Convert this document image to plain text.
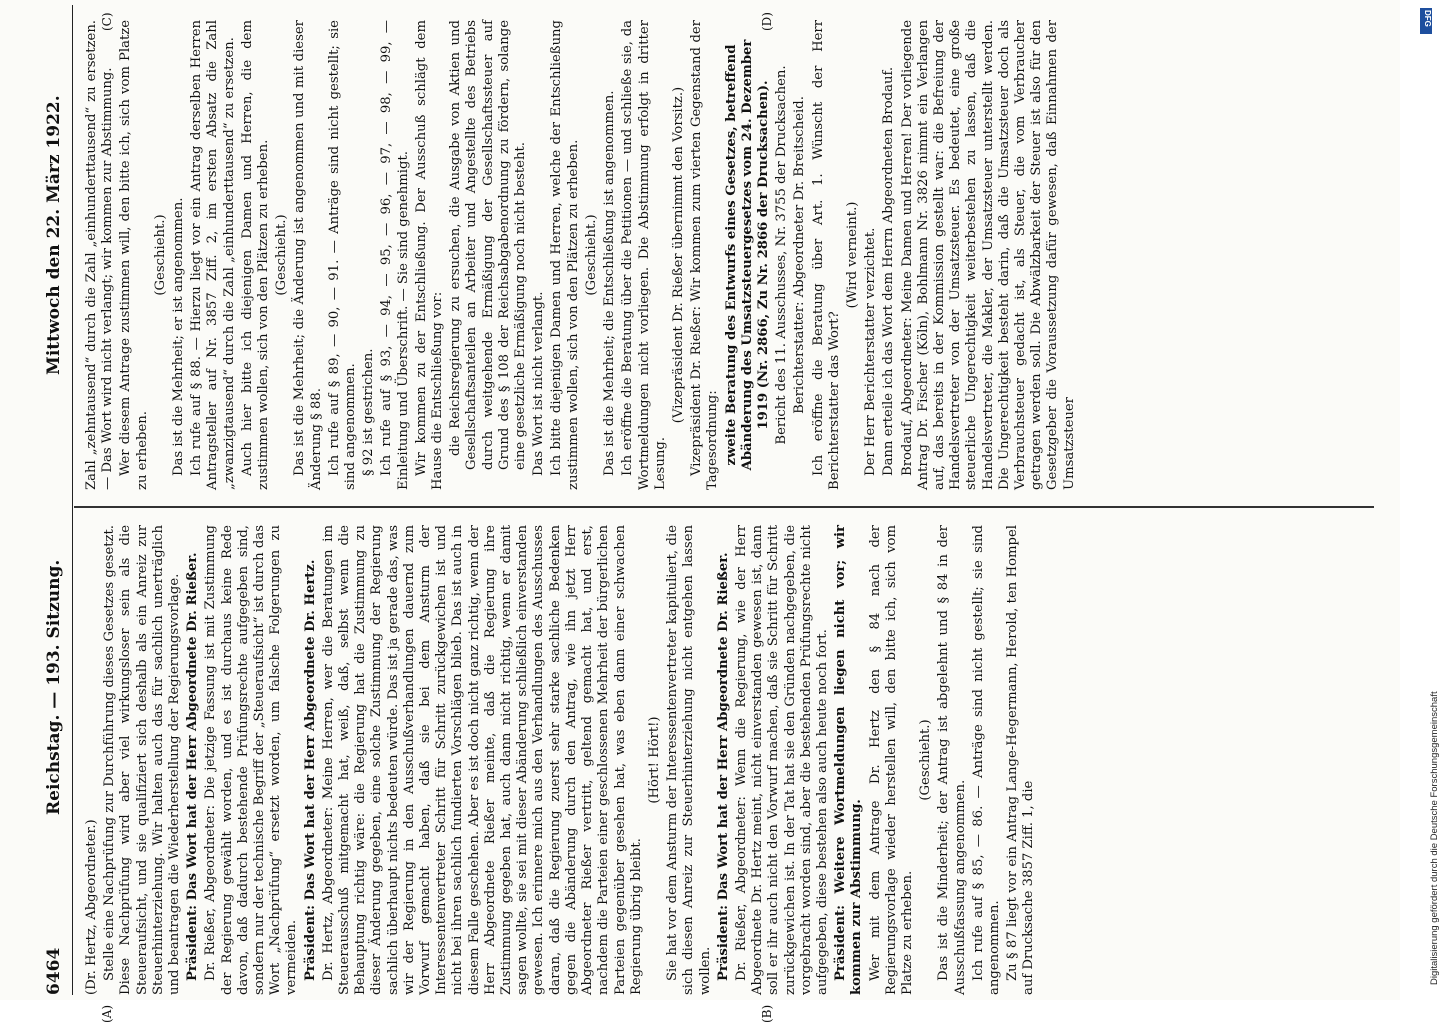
6464
Reichstag. — 193. Sitzung.
Mittwoch den 22. März 1922.
(A)	(B)
(C)	(D)

(Dr. Hertz, Abgeordneter.) Stelle eine Nachprüfung zur Durchführung dieses Gesetzes gesetzt. Diese Nachprüfung wird aber viel wirkungsloser sein als die Steueraufsicht, und sie qualifiziert sich deshalb als ein Anreiz zur Steuerhinterziehung. Wir halten auch das für sachlich unerträglich und beantragen die Wiederherstellung der Regierungsvorlage. Präsident: Das Wort hat der Herr Abgeordnete Dr. Rießer. Dr. Rießer, Abgeordneter: Die jetzige Fassung ist mit Zustimmung der Regierung gewählt worden, und es ist durchaus keine Rede davon, daß dadurch bestehende Prüfungsrechte aufgegeben sind, sondern nur der technische Begriff der „Steueraufsicht“ ist durch das Wort „Nachprüfung“ ersetzt worden, um falsche Folgerungen zu vermeiden. Präsident: Das Wort hat der Herr Abgeordnete Dr. Hertz. Dr. Hertz, Abgeordneter: Meine Herren, wer die Beratungen im Steuerausschuß mitgemacht hat, weiß, daß, selbst wenn die Behauptung richtig wäre: die Regierung hat die Zustimmung zu dieser Änderung gegeben, eine solche Zustimmung der Regierung sachlich überhaupt nichts bedeuten würde. Das ist ja gerade das, was wir der Regierung in den Ausschußverhandlungen dauernd zum Vorwurf gemacht haben, daß sie bei dem Ansturm der Interessentenvertreter Schritt für Schritt zurückgewichen ist und nicht bei ihren sachlich fundierten Vorschlägen blieb. Das ist auch in diesem Falle geschehen. Aber es ist doch nicht ganz richtig, wenn der Herr Abgeordnete Rießer meinte, daß die Regierung ihre Zustimmung gegeben hat, auch dann nicht richtig, wenn er damit sagen wollte, sie sei mit dieser Abänderung schließlich einverstanden gewesen. Ich erinnere mich aus den Verhandlungen des Ausschusses daran, daß die Regierung zuerst sehr starke sachliche Bedenken gegen die Abänderung durch den Antrag, wie ihn jetzt Herr Abgeordneter Rießer vertritt, geltend gemacht hat, und erst, nachdem die Parteien einer geschlossenen Mehrheit der bürgerlichen Parteien gegenüber gesehen hat, was eben dann einer schwachen Regierung übrig bleibt.

(Hört! Hört!) Sie hat vor dem Ansturm der Interessentenvertreter kapituliert, die sich diesen Anreiz zur Steuerhinterziehung nicht entgehen lassen wollen. Präsident: Das Wort hat der Herr Abgeordnete Dr. Rießer. Dr. Rießer, Abgeordneter: Wenn die Regierung, wie der Herr Abgeordnete Dr. Hertz meint, nicht einverstanden gewesen ist, dann soll er ihr auch nicht den Vorwurf machen, daß sie Schritt für Schritt zurückgewichen ist. In der Tat hat sie den Gründen nachgegeben, die vorgebracht worden sind, aber die bestehenden Prüfungsrechte nicht aufgegeben, diese bestehen also auch heute noch fort. Präsident: Weitere Wortmeldungen liegen nicht vor; wir kommen zur Abstimmung. Wer mit dem Antrage Dr. Hertz den § 84 nach der Regierungsvorlage wieder herstellen will, den bitte ich, sich vom Platze zu erheben.

(Geschieht.) Das ist die Minderheit; der Antrag ist abgelehnt und § 84 in der Ausschußfassung angenommen. Ich rufe auf § 85, — 86. — Anträge sind nicht gestellt; sie sind angenommen. Zu § 87 liegt vor ein Antrag Lange-Hegermann, Herold, ten Hompel auf Drucksache 3857 Ziff. 1, die

Zahl „zehntausend“ durch die Zahl „einhunderttausend“ zu ersetzen. — Das Wort wird nicht verlangt; wir kommen zur Abstimmung. Wer diesem Antrage zustimmen will, den bitte ich, sich vom Platze zu erheben.

(Geschieht.) Das ist die Mehrheit; er ist angenommen. Ich rufe auf § 88. — Hierzu liegt vor ein Antrag derselben Herren Antragsteller auf Nr. 3857 Ziff. 2, im ersten Absatz die Zahl „zwanzigtausend“ durch die Zahl „einhunderttausend“ zu ersetzen. Auch hier bitte ich diejenigen Damen und Herren, die dem zustimmen wollen, sich von den Plätzen zu erheben. (Geschieht.) Das ist die Mehrheit; die Änderung ist angenommen und mit dieser Änderung § 88. Ich rufe auf § 89, — 90, — 91. — Anträge sind nicht gestellt; sie sind angenommen. § 92 ist gestrichen. Ich rufe auf § 93, — 94, — 95, — 96, — 97, — 98, — 99, — Einleitung und Überschrift. — Sie sind genehmigt. Wir kommen zu der Entschließung. Der Ausschuß schlägt dem Hause die Entschließung vor: die Reichsregierung zu ersuchen, die Ausgabe von Aktien und Gesellschaftsanteilen an Arbeiter und Angestellte des Betriebs durch weitgehende Ermäßigung der Gesellschaftssteuer auf Grund des § 108 der Reichsabgabenordnung zu fördern, solange eine gesetzliche Ermäßigung noch nicht besteht. Das Wort ist nicht verlangt. Ich bitte diejenigen Damen und Herren, welche der Entschließung zustimmen wollen, sich von den Plätzen zu erheben. (Geschieht.) Das ist die Mehrheit; die Entschließung ist angenommen. Ich eröffne die Beratung über die Petitionen — und schließe sie, da Wortmeldungen nicht vorliegen. Die Abstimmung erfolgt in dritter Lesung.

(Vizepräsident Dr. Rießer übernimmt den Vorsitz.) Vizepräsident Dr. Rießer: Wir kommen zum vierten Gegenstand der Tagesordnung: zweite Beratung des Entwurfs eines Gesetzes, betreffend Abänderung des Umsatzsteuergesetzes vom 24. Dezember 1919 (Nr. 2866, Zu Nr. 2866 der Drucksachen). Bericht des 11. Ausschusses, Nr. 3755 der Drucksachen. Berichterstatter: Abgeordneter Dr. Breitscheid. Ich eröffne die Beratung über Art. 1. Wünscht der Herr Berichterstatter das Wort?

(Wird verneint.) Der Herr Berichterstatter verzichtet. Dann erteile ich das Wort dem Herrn Abgeordneten Brodauf. Brodauf, Abgeordneter: Meine Damen und Herren! Der vorliegende Antrag Dr. Fischer (Köln), Bohlmann Nr. 3826 nimmt ein Verlangen auf, das bereits in der Kommission gestellt war: die Befreiung der Handelsvertreter von der Umsatzsteuer. Es bedeutet, eine große steuerliche Ungerechtigkeit weiterbestehen zu lassen, daß die Handelsvertreter, die Makler, der Umsatzsteuer unterstellt werden. Die Ungerechtigkeit besteht darin, daß die Umsatzsteuer doch als Verbrauchsteuer gedacht ist, als Steuer, die vom Verbraucher getragen werden soll. Die Abwälzbarkeit der Steuer ist also für den Gesetzgeber die Voraussetzung dafür gewesen, daß Einnahmen der Umsatzsteuer

DFG
Digitalisierung gefördert durch die Deutsche Forschungsgemeinschaft
